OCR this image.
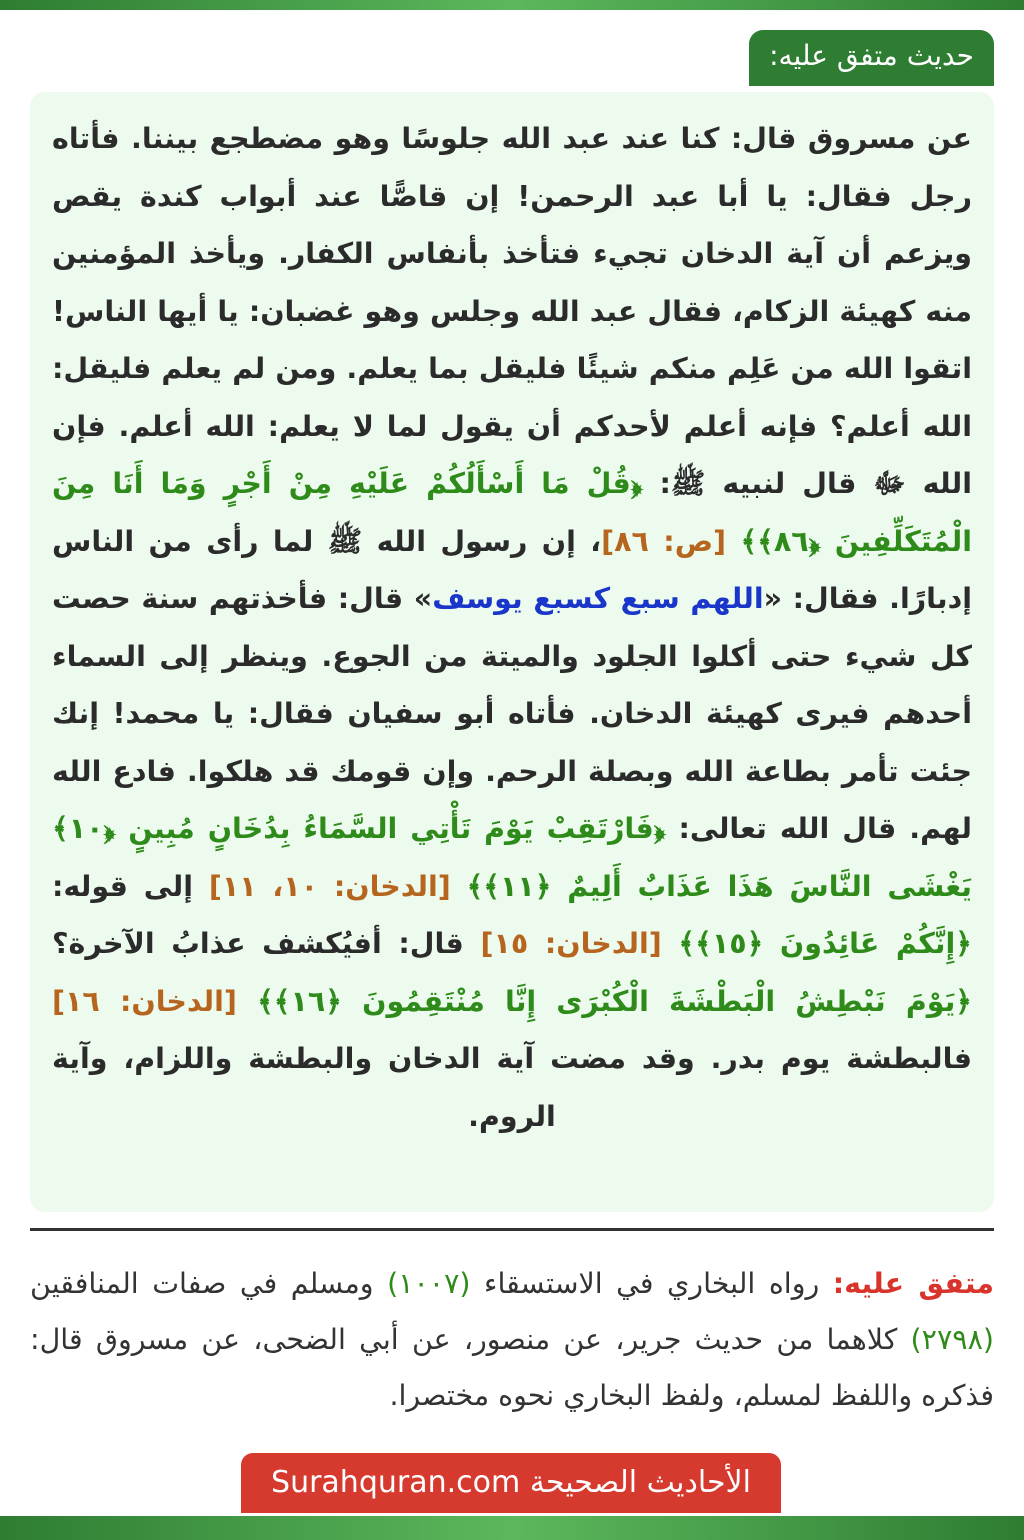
حديث متفق عليه:

عن مسروق قال: كنا عند عبد الله جلوسًا وهو مضطجع بيننا. فأتاه رجل فقال: يا أبا عبد الرحمن! إن قاصًّا عند أبواب كندة يقص ويزعم أن آية الدخان تجيء فتأخذ بأنفاس الكفار. ويأخذ المؤمنين منه كهيئة الزكام، فقال عبد الله وجلس وهو غضبان: يا أيها الناس! اتقوا الله من عَلِم منكم شيئًا فليقل بما يعلم. ومن لم يعلم فليقل: الله أعلم؟ فإنه أعلم لأحدكم أن يقول لما لا يعلم: الله أعلم. فإن الله ﷻ قال لنبيه ﷺ: ﴿قُلْ مَا أَسْأَلُكُمْ عَلَيْهِ مِنْ أَجْرٍ وَمَا أَنَا مِنَ الْمُتَكَلِّفِينَ ﴿٨٦﴾﴾ [ص: ٨٦]، إن رسول الله ﷺ لما رأى من الناس إدبارًا. فقال: «اللهم سبع كسبع يوسف» قال: فأخذتهم سنة حصت كل شيء حتى أكلوا الجلود والميتة من الجوع. وينظر إلى السماء أحدهم فيرى كهيئة الدخان. فأتاه أبو سفيان فقال: يا محمد! إنك جئت تأمر بطاعة الله وبصلة الرحم. وإن قومك قد هلكوا. فادع الله لهم. قال الله تعالى: ﴿فَارْتَقِبْ يَوْمَ تَأْتِي السَّمَاءُ بِدُخَانٍ مُبِينٍ ﴿١٠﴾ يَغْشَى النَّاسَ هَذَا عَذَابٌ أَلِيمٌ ﴿١١﴾﴾ [الدخان: ١٠، ١١] إلى قوله: ﴿إِنَّكُمْ عَائِدُونَ ﴿١٥﴾﴾ [الدخان: ١٥] قال: أفيُكشف عذابُ الآخرة؟ ﴿يَوْمَ نَبْطِشُ الْبَطْشَةَ الْكُبْرَى إِنَّا مُنْتَقِمُونَ ﴿١٦﴾﴾ [الدخان: ١٦] فالبطشة يوم بدر. وقد مضت آية الدخان والبطشة واللزام، وآية الروم.

متفق عليه: رواه البخاري في الاستسقاء (١٠٠٧) ومسلم في صفات المنافقين (٢٧٩٨) كلاهما من حديث جرير، عن منصور، عن أبي الضحى، عن مسروق قال: فذكره واللفظ لمسلم، ولفظ البخاري نحوه مختصرا.

الأحاديث الصحيحة Surahquran.com
